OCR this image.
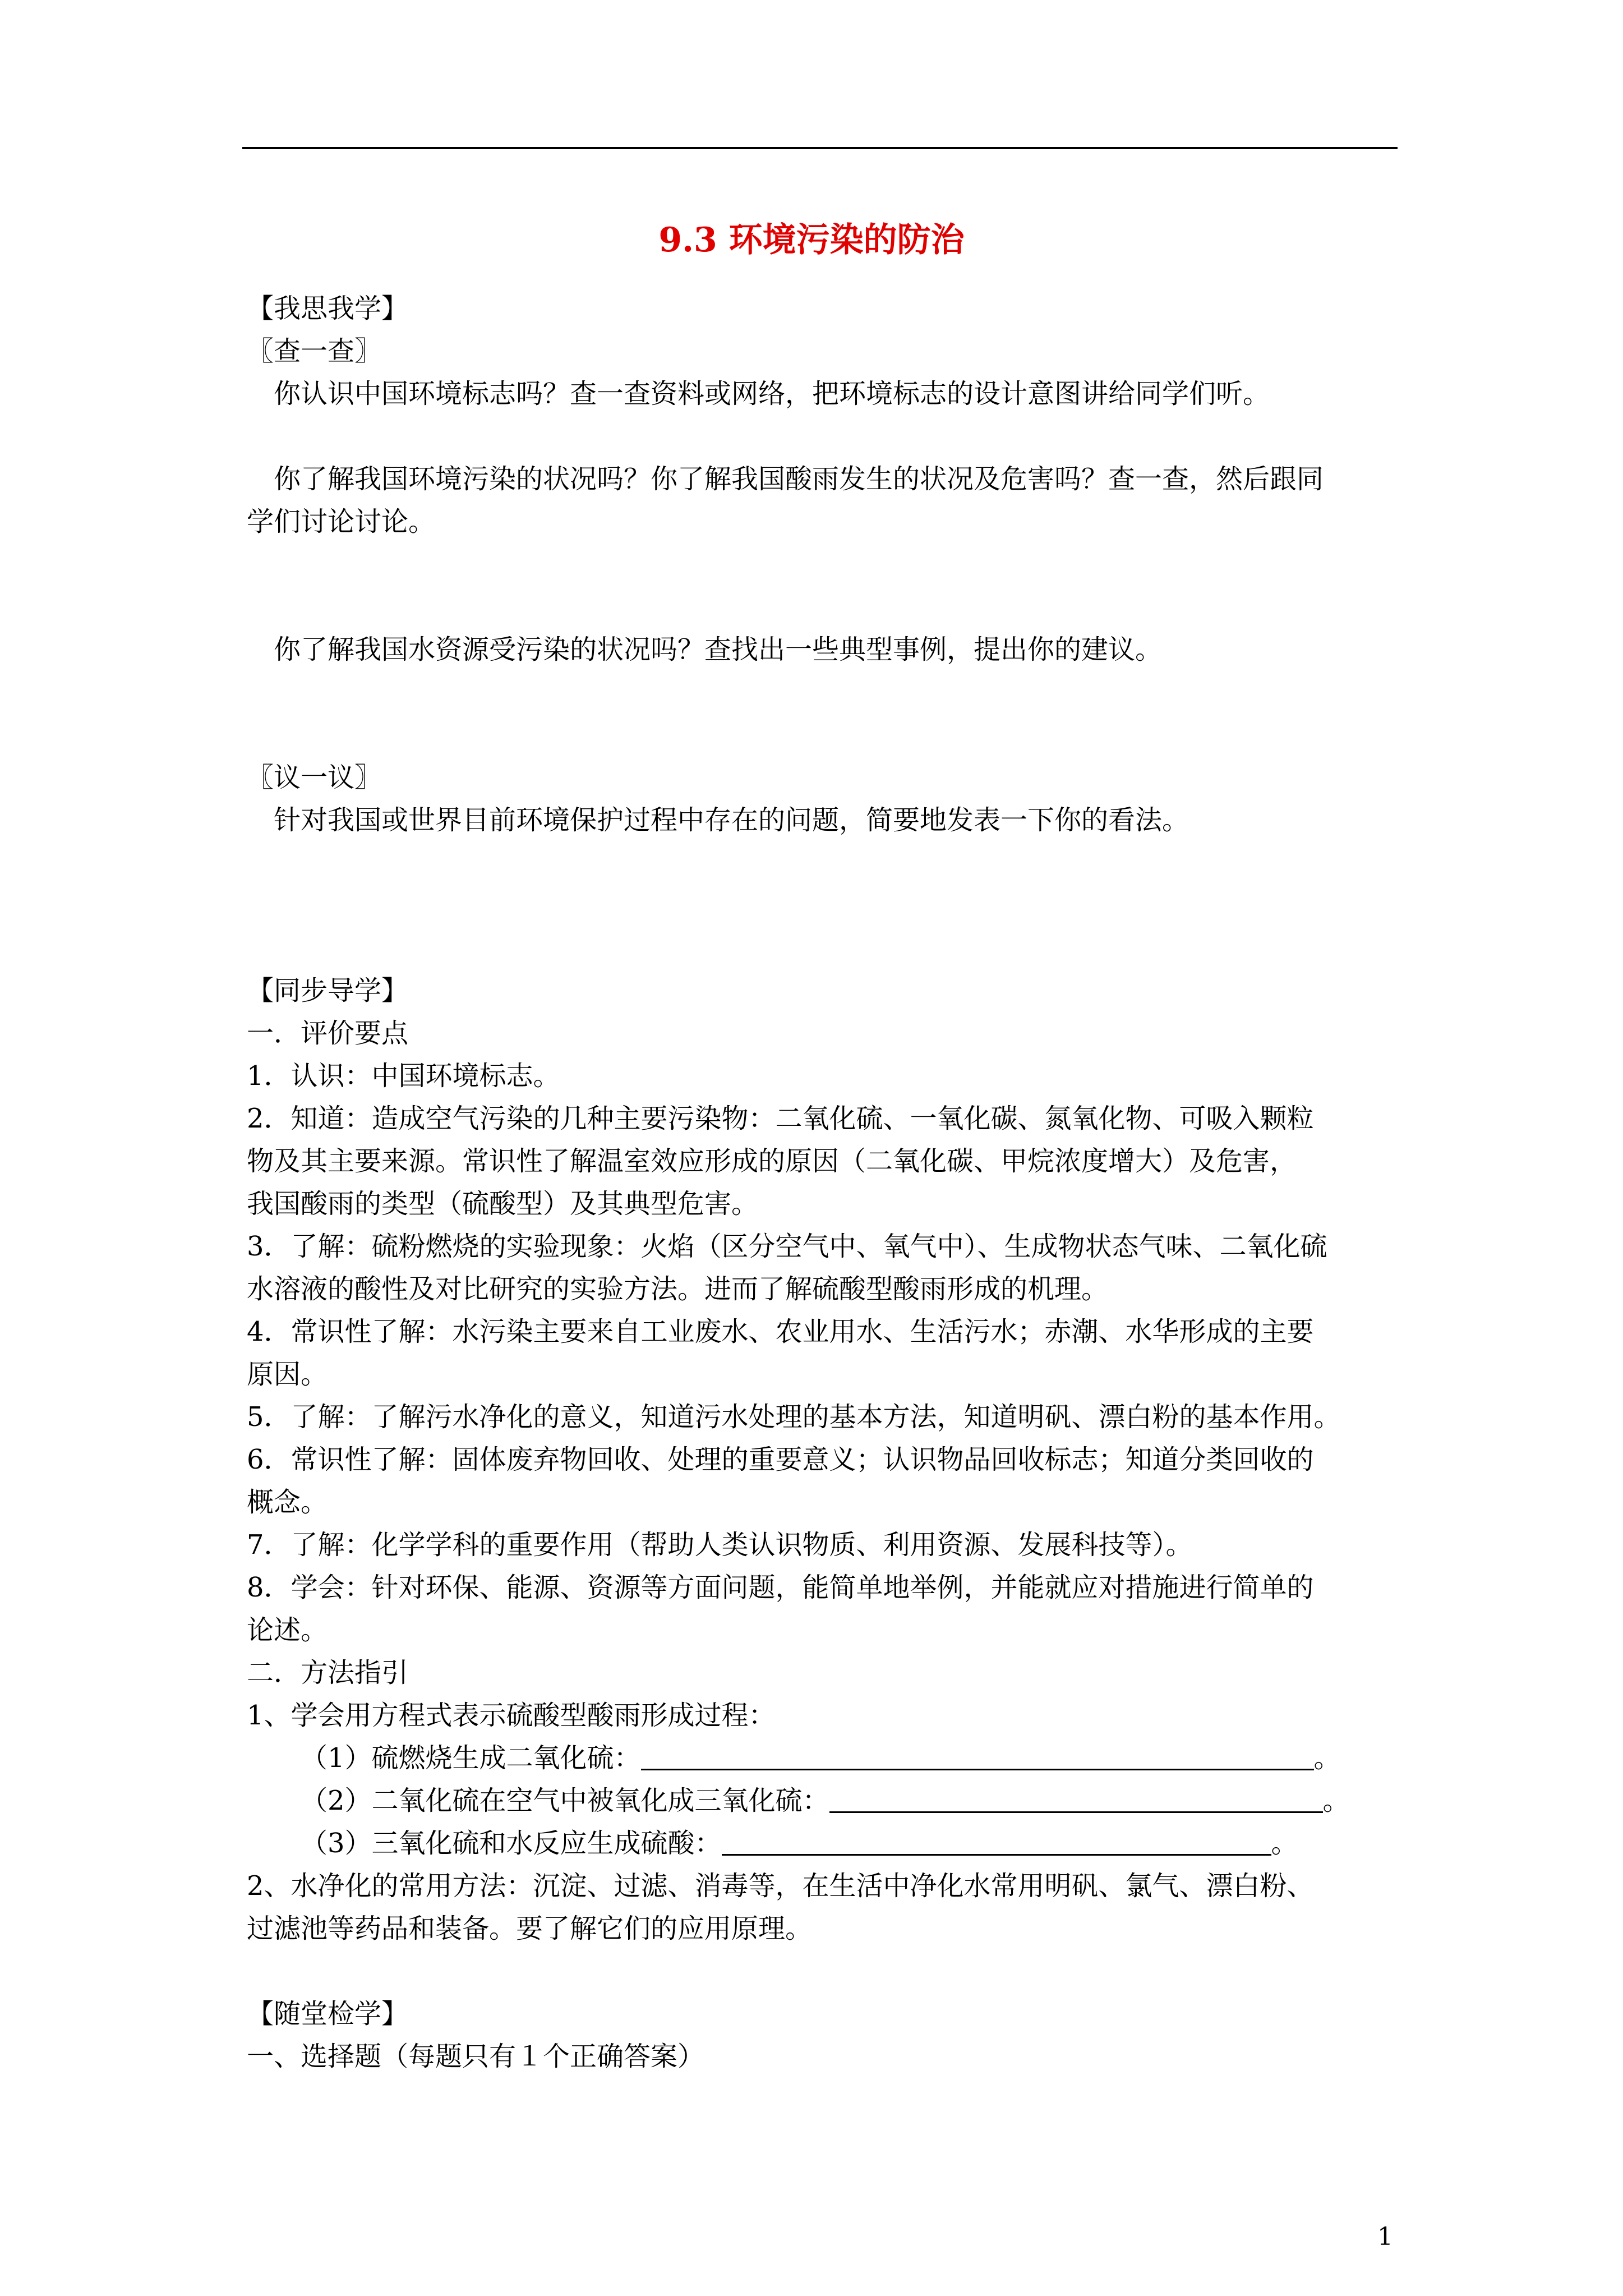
9.3 环境污染的防治
【我思我学】
〖查一查〗
你认识中国环境标志吗？查一查资料或网络，把环境标志的设计意图讲给同学们听。
你了解我国环境污染的状况吗？你了解我国酸雨发生的状况及危害吗？查一查，然后跟同
学们讨论讨论。
你了解我国水资源受污染的状况吗？查找出一些典型事例，提出你的建议。
〖议一议〗
针对我国或世界目前环境保护过程中存在的问题，简要地发表一下你的看法。
【同步导学】
一．评价要点
1．认识：中国环境标志。
2．知道：造成空气污染的几种主要污染物：二氧化硫、一氧化碳、氮氧化物、可吸入颗粒
物及其主要来源。常识性了解温室效应形成的原因（二氧化碳、甲烷浓度增大）及危害，
我国酸雨的类型（硫酸型）及其典型危害。
3．了解：硫粉燃烧的实验现象：火焰（区分空气中、氧气中）、生成物状态气味、二氧化硫
水溶液的酸性及对比研究的实验方法。进而了解硫酸型酸雨形成的机理。
4．常识性了解：水污染主要来自工业废水、农业用水、生活污水；赤潮、水华形成的主要
原因。
5．了解：了解污水净化的意义，知道污水处理的基本方法，知道明矾、漂白粉的基本作用。
6．常识性了解：固体废弃物回收、处理的重要意义；认识物品回收标志；知道分类回收的
概念。
7．了解：化学学科的重要作用（帮助人类认识物质、利用资源、发展科技等）。
8．学会：针对环保、能源、资源等方面问题，能简单地举例，并能就应对措施进行简单的
论述。
二．方法指引
1、学会用方程式表示硫酸型酸雨形成过程：
（1）硫燃烧生成二氧化硫：	。
（2）二氧化硫在空气中被氧化成三氧化硫：	。
（3）三氧化硫和水反应生成硫酸：	。
2、水净化的常用方法：沉淀、过滤、消毒等，在生活中净化水常用明矾、氯气、漂白粉、
过滤池等药品和装备。要了解它们的应用原理。
【随堂检学】
一、选择题（每题只有１个正确答案）
1
